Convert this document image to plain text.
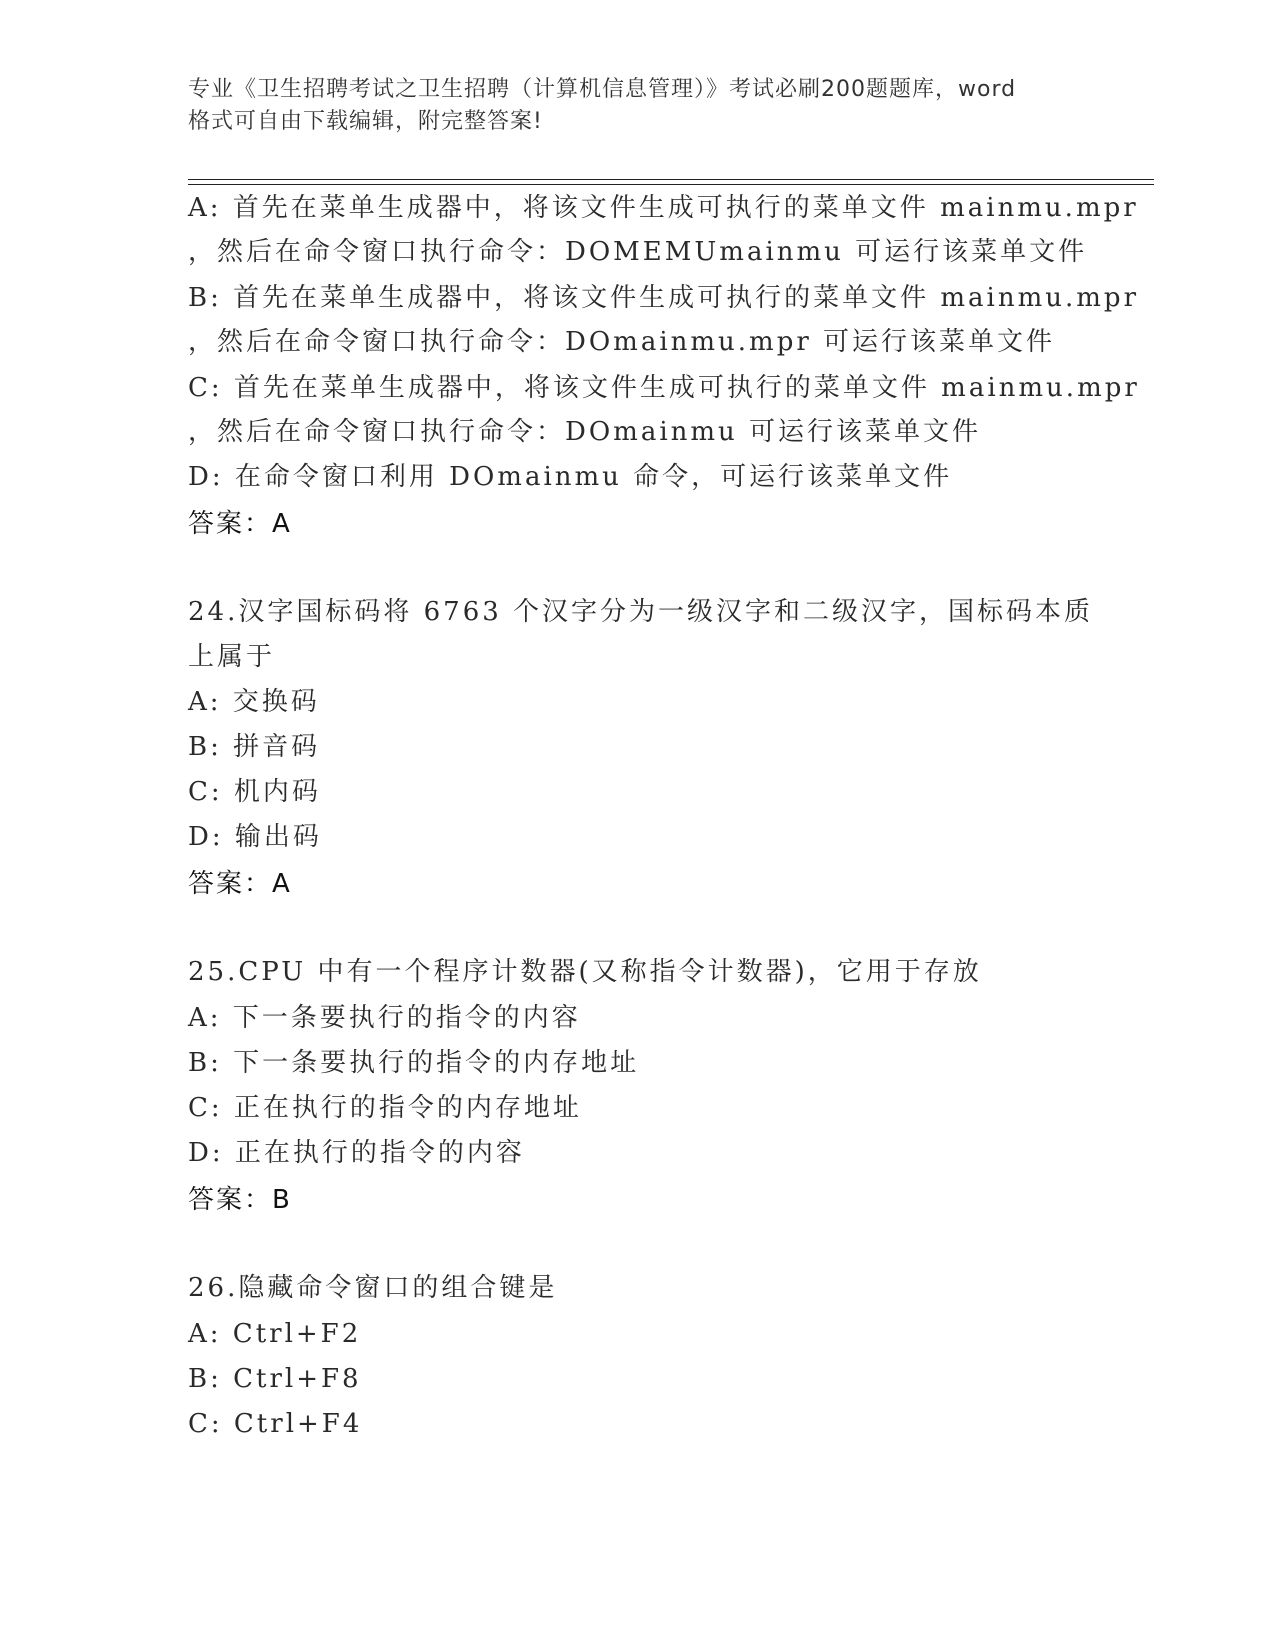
专业《卫生招聘考试之卫生招聘（计算机信息管理）》考试必刷200题题库，word
格式可自由下载编辑，附完整答案!
A: 首先在菜单生成器中，将该文件生成可执行的菜单文件 mainmu.mpr
，然后在命令窗口执行命令：DOMEMUmainmu 可运行该菜单文件
B: 首先在菜单生成器中，将该文件生成可执行的菜单文件 mainmu.mpr
，然后在命令窗口执行命令：DOmainmu.mpr 可运行该菜单文件
C: 首先在菜单生成器中，将该文件生成可执行的菜单文件 mainmu.mpr
，然后在命令窗口执行命令：DOmainmu 可运行该菜单文件
D: 在命令窗口利用 DOmainmu 命令，可运行该菜单文件
答案：A
24.汉字国标码将 6763 个汉字分为一级汉字和二级汉字，国标码本质
上属于
A: 交换码
B: 拼音码
C: 机内码
D: 输出码
答案：A
25.CPU 中有一个程序计数器(又称指令计数器)，它用于存放
A: 下一条要执行的指令的内容
B: 下一条要执行的指令的内存地址
C: 正在执行的指令的内存地址
D: 正在执行的指令的内容
答案：B
26.隐藏命令窗口的组合键是
A: Ctrl+F2
B: Ctrl+F8
C: Ctrl+F4
